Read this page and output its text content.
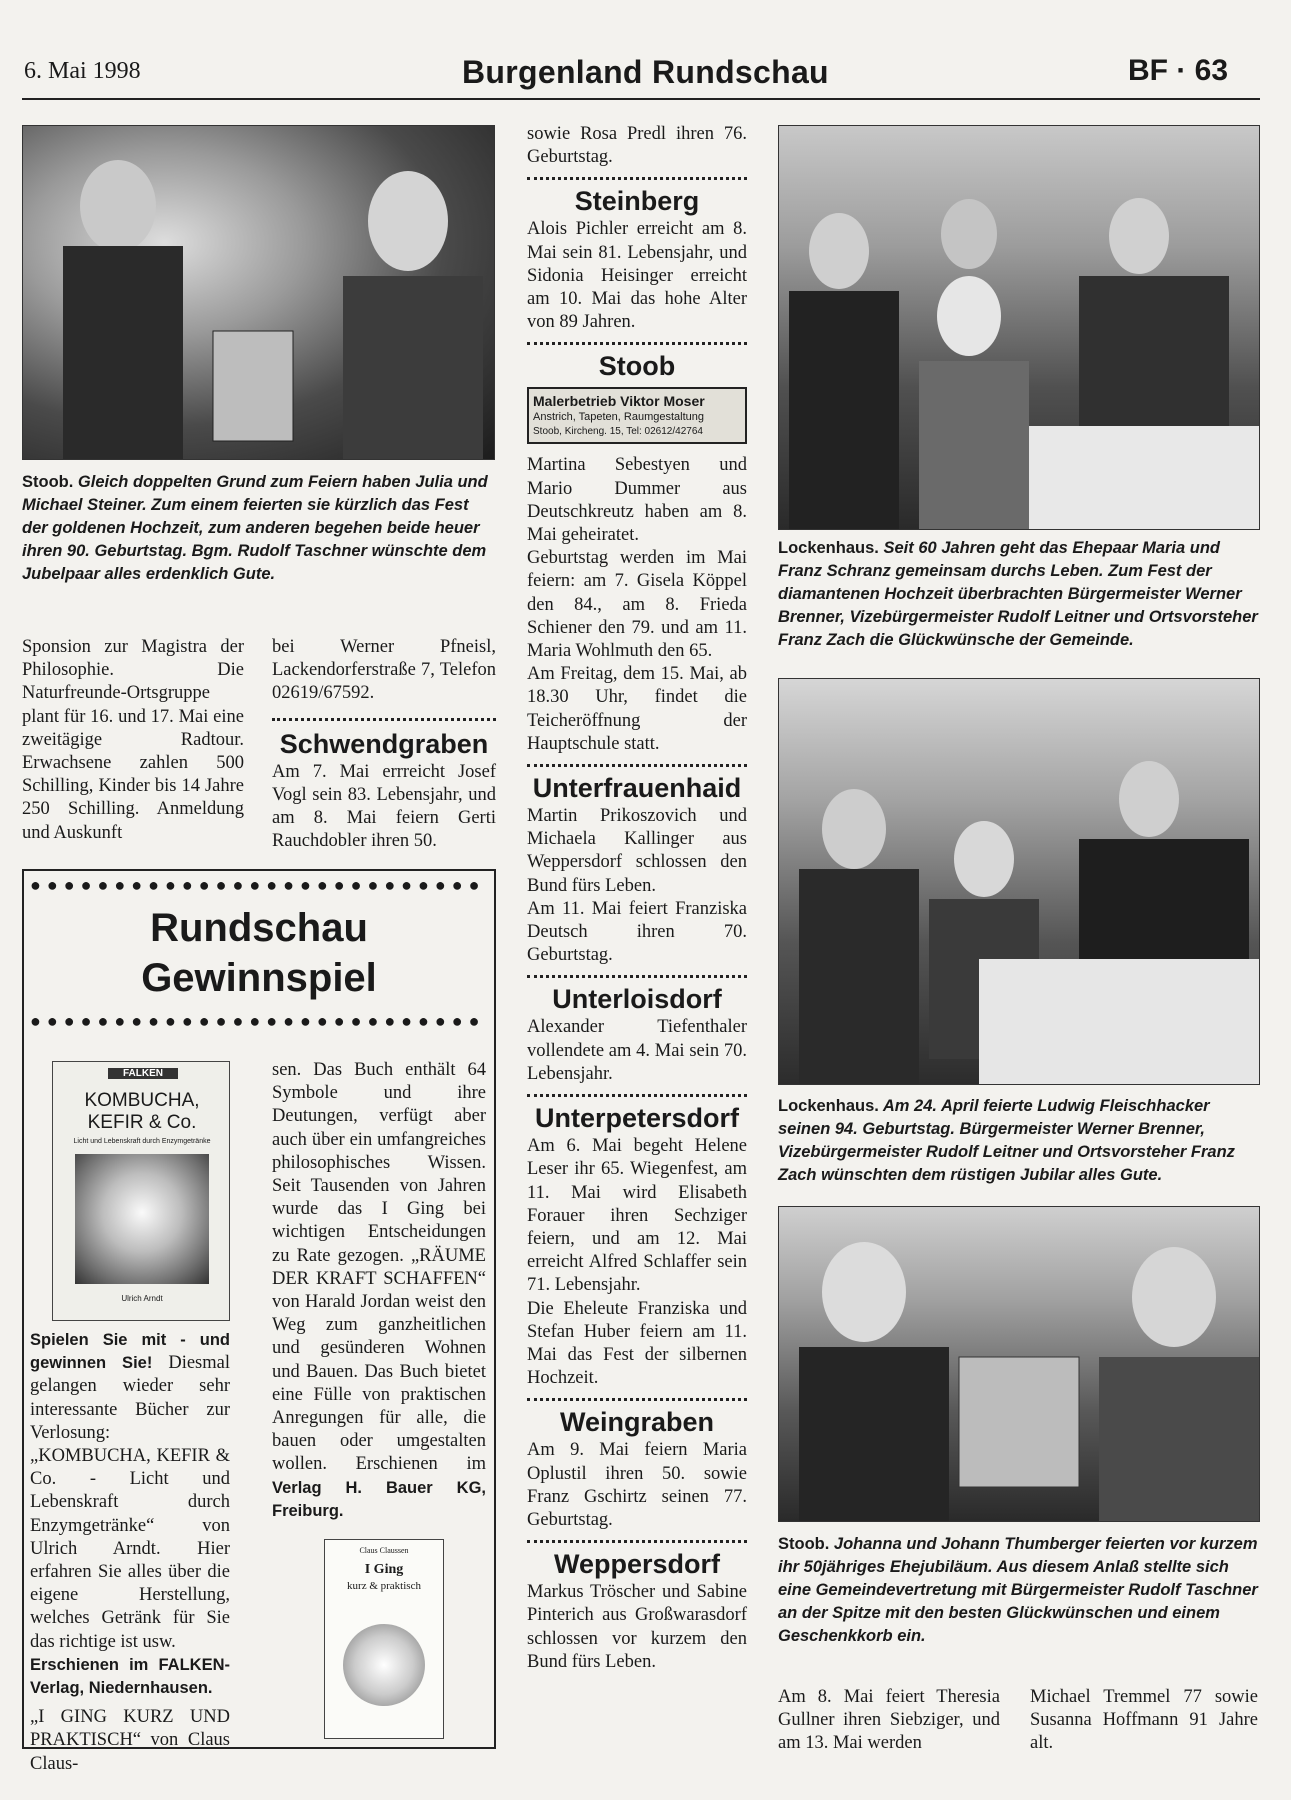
6. Mai 1998	Burgenland Rundschau	BF · 63
Stoob. Gleich doppelten Grund zum Feiern haben Julia und Michael Steiner. Zum einem feierten sie kürzlich das Fest der goldenen Hochzeit, zum anderen begehen beide heuer ihren 90. Geburtstag. Bgm. Rudolf Taschner wünschte dem Jubelpaar alles erdenklich Gute.

Sponsion zur Magistra der Philosophie. Die Naturfreunde-Ortsgruppe plant für 16. und 17. Mai eine zweitägige Radtour. Erwachsene zahlen 500 Schilling, Kinder bis 14 Jahre 250 Schilling. Anmeldung und Auskunft

bei Werner Pfneisl, Lackendorferstraße 7, Telefon 02619/67592.

Schwendgraben

Am 7. Mai errreicht Josef Vogl sein 83. Lebensjahr, und am 8. Mai feiern Gerti Rauchdobler ihren 50.

●●●●●●●●●●●●●●●●●●●●●●●●●●●
Rundschau
Gewinnspiel
●●●●●●●●●●●●●●●●●●●●●●●●●●●
FALKEN
KOMBUCHA, KEFIR & Co.
Licht und Lebenskraft durch Enzymgetränke
Ulrich Arndt

Spielen Sie mit - und gewinnen Sie! Diesmal gelangen wieder sehr interessante Bücher zur Verlosung: „KOMBUCHA, KEFIR & Co. - Licht und Lebenskraft durch Enzymgetränke“ von Ulrich Arndt. Hier erfahren Sie alles über die eigene Herstellung, welches Getränk für Sie das richtige ist usw.

Erschienen im FALKEN-Verlag, Niedernhausen.

„I GING KURZ UND PRAKTISCH“ von Claus Claus-

sen. Das Buch enthält 64 Symbole und ihre Deutungen, verfügt aber auch über ein umfangreiches philosophisches Wissen. Seit Tausenden von Jahren wurde das I Ging bei wichtigen Entscheidungen zu Rate gezogen. „RÄUME DER KRAFT SCHAFFEN“ von Harald Jordan weist den Weg zum ganzheitlichen und gesünderen Wohnen und Bauen. Das Buch bietet eine Fülle von praktischen Anregungen für alle, die bauen oder umgestalten wollen. Erschienen im Verlag H. Bauer KG, Freiburg.

Claus Claussen
I Ging
kurz & praktisch

sowie Rosa Predl ihren 76. Geburtstag.

Steinberg

Alois Pichler erreicht am 8. Mai sein 81. Lebensjahr, und Sidonia Heisinger erreicht am 10. Mai das hohe Alter von 89 Jahren.

Stoob
Malerbetrieb Viktor Moser
Anstrich, Tapeten, Raumgestaltung
Stoob, Kircheng. 15, Tel: 02612/42764

Martina Sebestyen und Mario Dummer aus Deutschkreutz haben am 8. Mai geheiratet.

Geburtstag werden im Mai feiern: am 7. Gisela Köppel den 84., am 8. Frieda Schiener den 79. und am 11. Maria Wohlmuth den 65.

Am Freitag, dem 15. Mai, ab 18.30 Uhr, findet die Teicheröffnung der Hauptschule statt.

Unterfrauenhaid

Martin Prikoszovich und Michaela Kallinger aus Weppersdorf schlossen den Bund fürs Leben.

Am 11. Mai feiert Franziska Deutsch ihren 70. Geburtstag.

Unterloisdorf

Alexander Tiefenthaler vollendete am 4. Mai sein 70. Lebensjahr.

Unterpetersdorf

Am 6. Mai begeht Helene Leser ihr 65. Wiegenfest, am 11. Mai wird Elisabeth Forauer ihren Sechziger feiern, und am 12. Mai erreicht Alfred Schlaffer sein 71. Lebensjahr.

Die Eheleute Franziska und Stefan Huber feiern am 11. Mai das Fest der silbernen Hochzeit.

Weingraben

Am 9. Mai feiern Maria Oplustil ihren 50. sowie Franz Gschirtz seinen 77. Geburtstag.

Weppersdorf

Markus Tröscher und Sabine Pinterich aus Großwarasdorf schlossen vor kurzem den Bund fürs Leben.

Lockenhaus. Seit 60 Jahren geht das Ehepaar Maria und Franz Schranz gemeinsam durchs Leben. Zum Fest der diamantenen Hochzeit überbrachten Bürgermeister Werner Brenner, Vizebürgermeister Rudolf Leitner und Ortsvorsteher Franz Zach die Glückwünsche der Gemeinde.
Lockenhaus. Am 24. April feierte Ludwig Fleischhacker seinen 94. Geburtstag. Bürgermeister Werner Brenner, Vizebürgermeister Rudolf Leitner und Ortsvorsteher Franz Zach wünschten dem rüstigen Jubilar alles Gute.
Stoob. Johanna und Johann Thumberger feierten vor kurzem ihr 50jähriges Ehejubiläum. Aus diesem Anlaß stellte sich eine Gemeindevertretung mit Bürgermeister Rudolf Taschner an der Spitze mit den besten Glückwünschen und einem Geschenkkorb ein.

Am 8. Mai feiert Theresia Gullner ihren Siebziger, und am 13. Mai werden

Michael Tremmel 77 sowie Susanna Hoffmann 91 Jahre alt.
